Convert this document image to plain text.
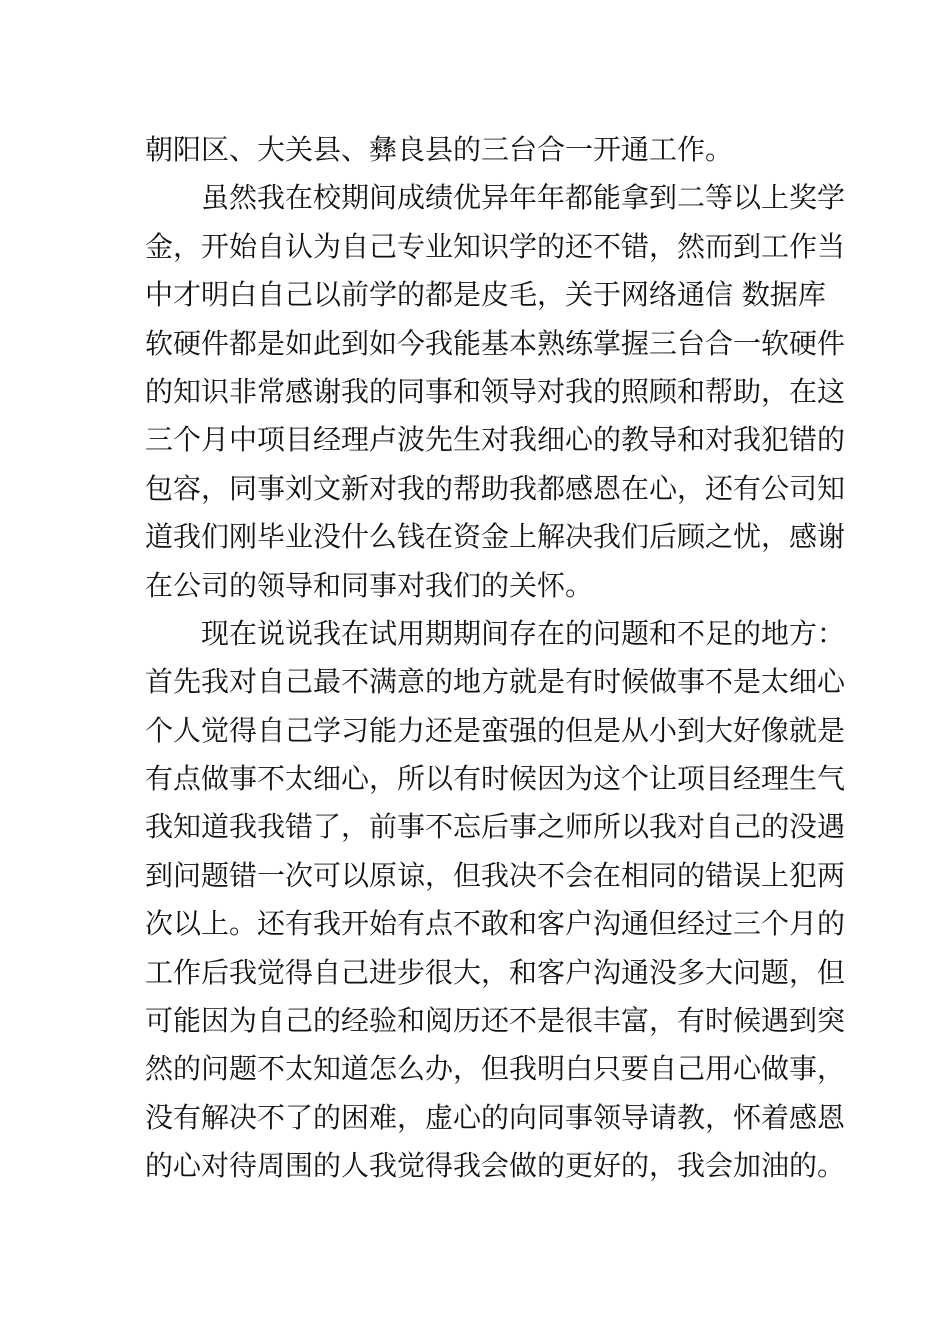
朝阳区、大关县、彝良县的三台合一开通工作。
虽然我在校期间成绩优异年年都能拿到二等以上奖学
金，开始自认为自己专业知识学的还不错，然而到工作当
中才明白自己以前学的都是皮毛，关于网络通信 数据库
软硬件都是如此到如今我能基本熟练掌握三台合一软硬件
的知识非常感谢我的同事和领导对我的照顾和帮助，在这
三个月中项目经理卢波先生对我细心的教导和对我犯错的
包容，同事刘文新对我的帮助我都感恩在心，还有公司知
道我们刚毕业没什么钱在资金上解决我们后顾之忧，感谢
在公司的领导和同事对我们的关怀。
现在说说我在试用期期间存在的问题和不足的地方：
首先我对自己最不满意的地方就是有时候做事不是太细心
个人觉得自己学习能力还是蛮强的但是从小到大好像就是
有点做事不太细心，所以有时候因为这个让项目经理生气
我知道我我错了，前事不忘后事之师所以我对自己的没遇
到问题错一次可以原谅，但我决不会在相同的错误上犯两
次以上。还有我开始有点不敢和客户沟通但经过三个月的
工作后我觉得自己进步很大，和客户沟通没多大问题，但
可能因为自己的经验和阅历还不是很丰富，有时候遇到突
然的问题不太知道怎么办，但我明白只要自己用心做事，
没有解决不了的困难，虚心的向同事领导请教，怀着感恩
的心对待周围的人我觉得我会做的更好的，我会加油的。
